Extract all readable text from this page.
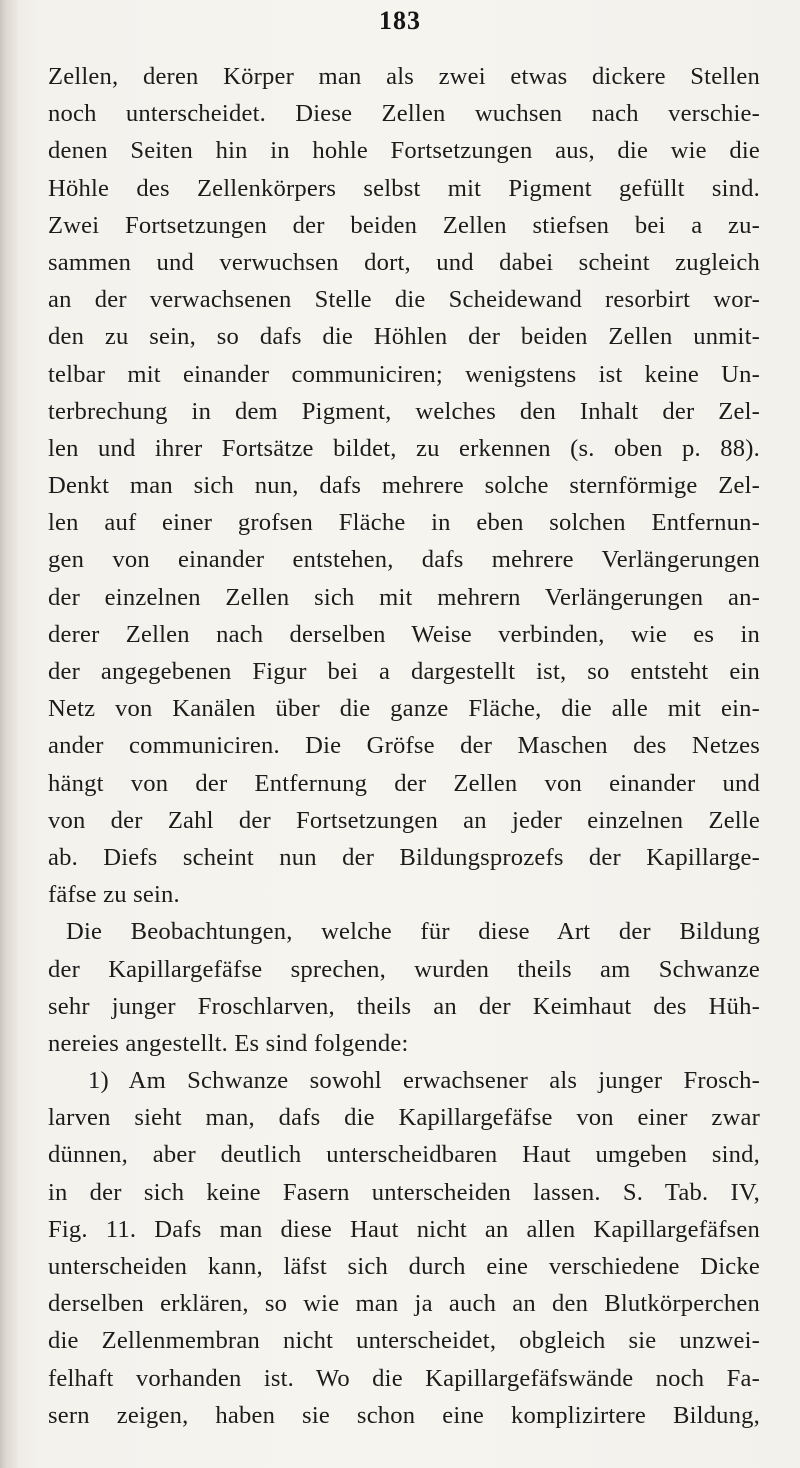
183
Zellen, deren Körper man als zwei etwas dickere Stellen
noch unterscheidet. Diese Zellen wuchsen nach verschie-
denen Seiten hin in hohle Fortsetzungen aus, die wie die
Höhle des Zellenkörpers selbst mit Pigment gefüllt sind.
Zwei Fortsetzungen der beiden Zellen stiefsen bei a zu-
sammen und verwuchsen dort, und dabei scheint zugleich
an der verwachsenen Stelle die Scheidewand resorbirt wor-
den zu sein, so dafs die Höhlen der beiden Zellen unmit-
telbar mit einander communiciren; wenigstens ist keine Un-
terbrechung in dem Pigment, welches den Inhalt der Zel-
len und ihrer Fortsätze bildet, zu erkennen (s. oben p. 88).
Denkt man sich nun, dafs mehrere solche sternförmige Zel-
len auf einer grofsen Fläche in eben solchen Entfernun-
gen von einander entstehen, dafs mehrere Verlängerungen
der einzelnen Zellen sich mit mehrern Verlängerungen an-
derer Zellen nach derselben Weise verbinden, wie es in
der angegebenen Figur bei a dargestellt ist, so entsteht ein
Netz von Kanälen über die ganze Fläche, die alle mit ein-
ander communiciren. Die Gröfse der Maschen des Netzes
hängt von der Entfernung der Zellen von einander und
von der Zahl der Fortsetzungen an jeder einzelnen Zelle
ab. Diefs scheint nun der Bildungsprozefs der Kapillarge-
fäfse zu sein.
Die Beobachtungen, welche für diese Art der Bildung
der Kapillargefäfse sprechen, wurden theils am Schwanze
sehr junger Froschlarven, theils an der Keimhaut des Hüh-
nereies angestellt. Es sind folgende:
1) Am Schwanze sowohl erwachsener als junger Frosch-
larven sieht man, dafs die Kapillargefäfse von einer zwar
dünnen, aber deutlich unterscheidbaren Haut umgeben sind,
in der sich keine Fasern unterscheiden lassen. S. Tab. IV,
Fig. 11. Dafs man diese Haut nicht an allen Kapillargefäfsen
unterscheiden kann, läfst sich durch eine verschiedene Dicke
derselben erklären, so wie man ja auch an den Blutkörperchen
die Zellenmembran nicht unterscheidet, obgleich sie unzwei-
felhaft vorhanden ist. Wo die Kapillargefäfswände noch Fa-
sern zeigen, haben sie schon eine komplizirtere Bildung,
